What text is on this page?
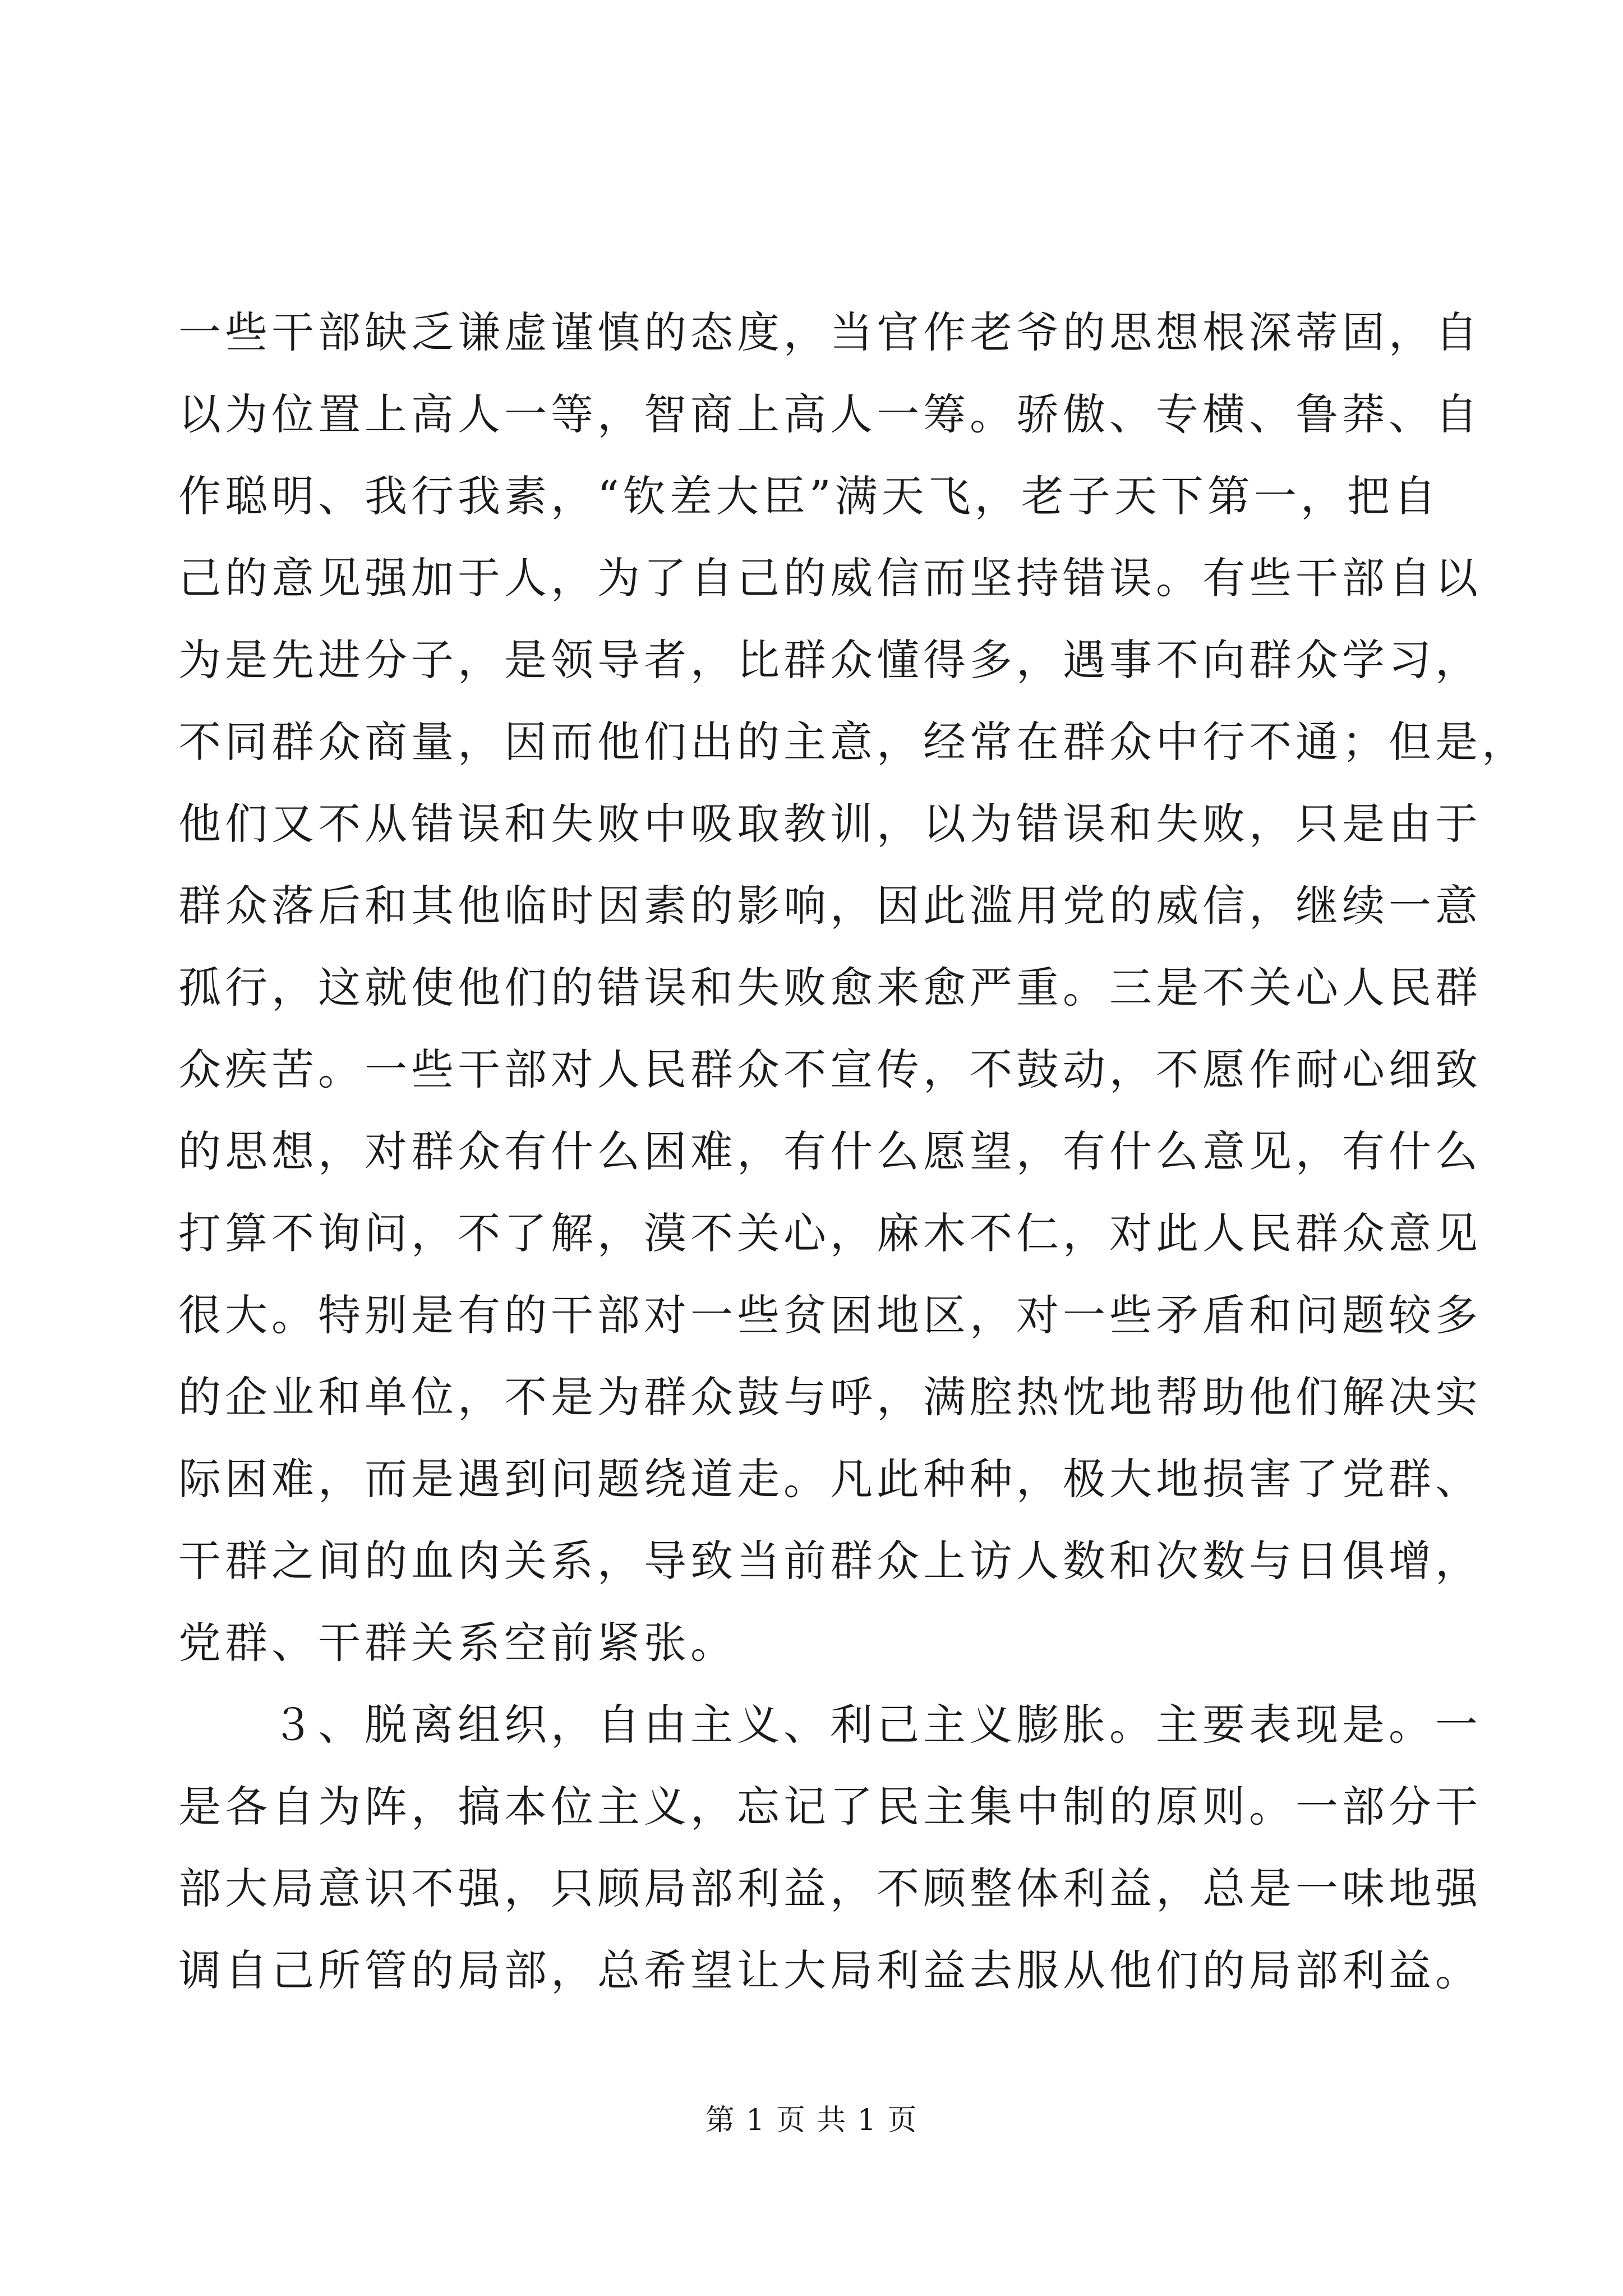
一些干部缺乏谦虚谨慎的态度，当官作老爷的思想根深蒂固，自
以为位置上高人一等，智商上高人一筹。骄傲、专横、鲁莽、自
作聪明、我行我素，“钦差大臣”满天飞，老子天下第一，把自
己的意见强加于人，为了自己的威信而坚持错误。有些干部自以
为是先进分子，是领导者，比群众懂得多，遇事不向群众学习，
不同群众商量，因而他们出的主意，经常在群众中行不通；但是，
他们又不从错误和失败中吸取教训，以为错误和失败，只是由于
群众落后和其他临时因素的影响，因此滥用党的威信，继续一意
孤行，这就使他们的错误和失败愈来愈严重。三是不关心人民群
众疾苦。一些干部对人民群众不宣传，不鼓动，不愿作耐心细致
的思想，对群众有什么困难，有什么愿望，有什么意见，有什么
打算不询问，不了解，漠不关心，麻木不仁，对此人民群众意见
很大。特别是有的干部对一些贫困地区，对一些矛盾和问题较多
的企业和单位，不是为群众鼓与呼，满腔热忱地帮助他们解决实
际困难，而是遇到问题绕道走。凡此种种，极大地损害了党群、
干群之间的血肉关系，导致当前群众上访人数和次数与日俱增，
党群、干群关系空前紧张。
　　３、脱离组织，自由主义、利己主义膨胀。主要表现是。一
是各自为阵，搞本位主义，忘记了民主集中制的原则。一部分干
部大局意识不强，只顾局部利益，不顾整体利益，总是一味地强
调自己所管的局部，总希望让大局利益去服从他们的局部利益。
第 1 页 共 1 页
